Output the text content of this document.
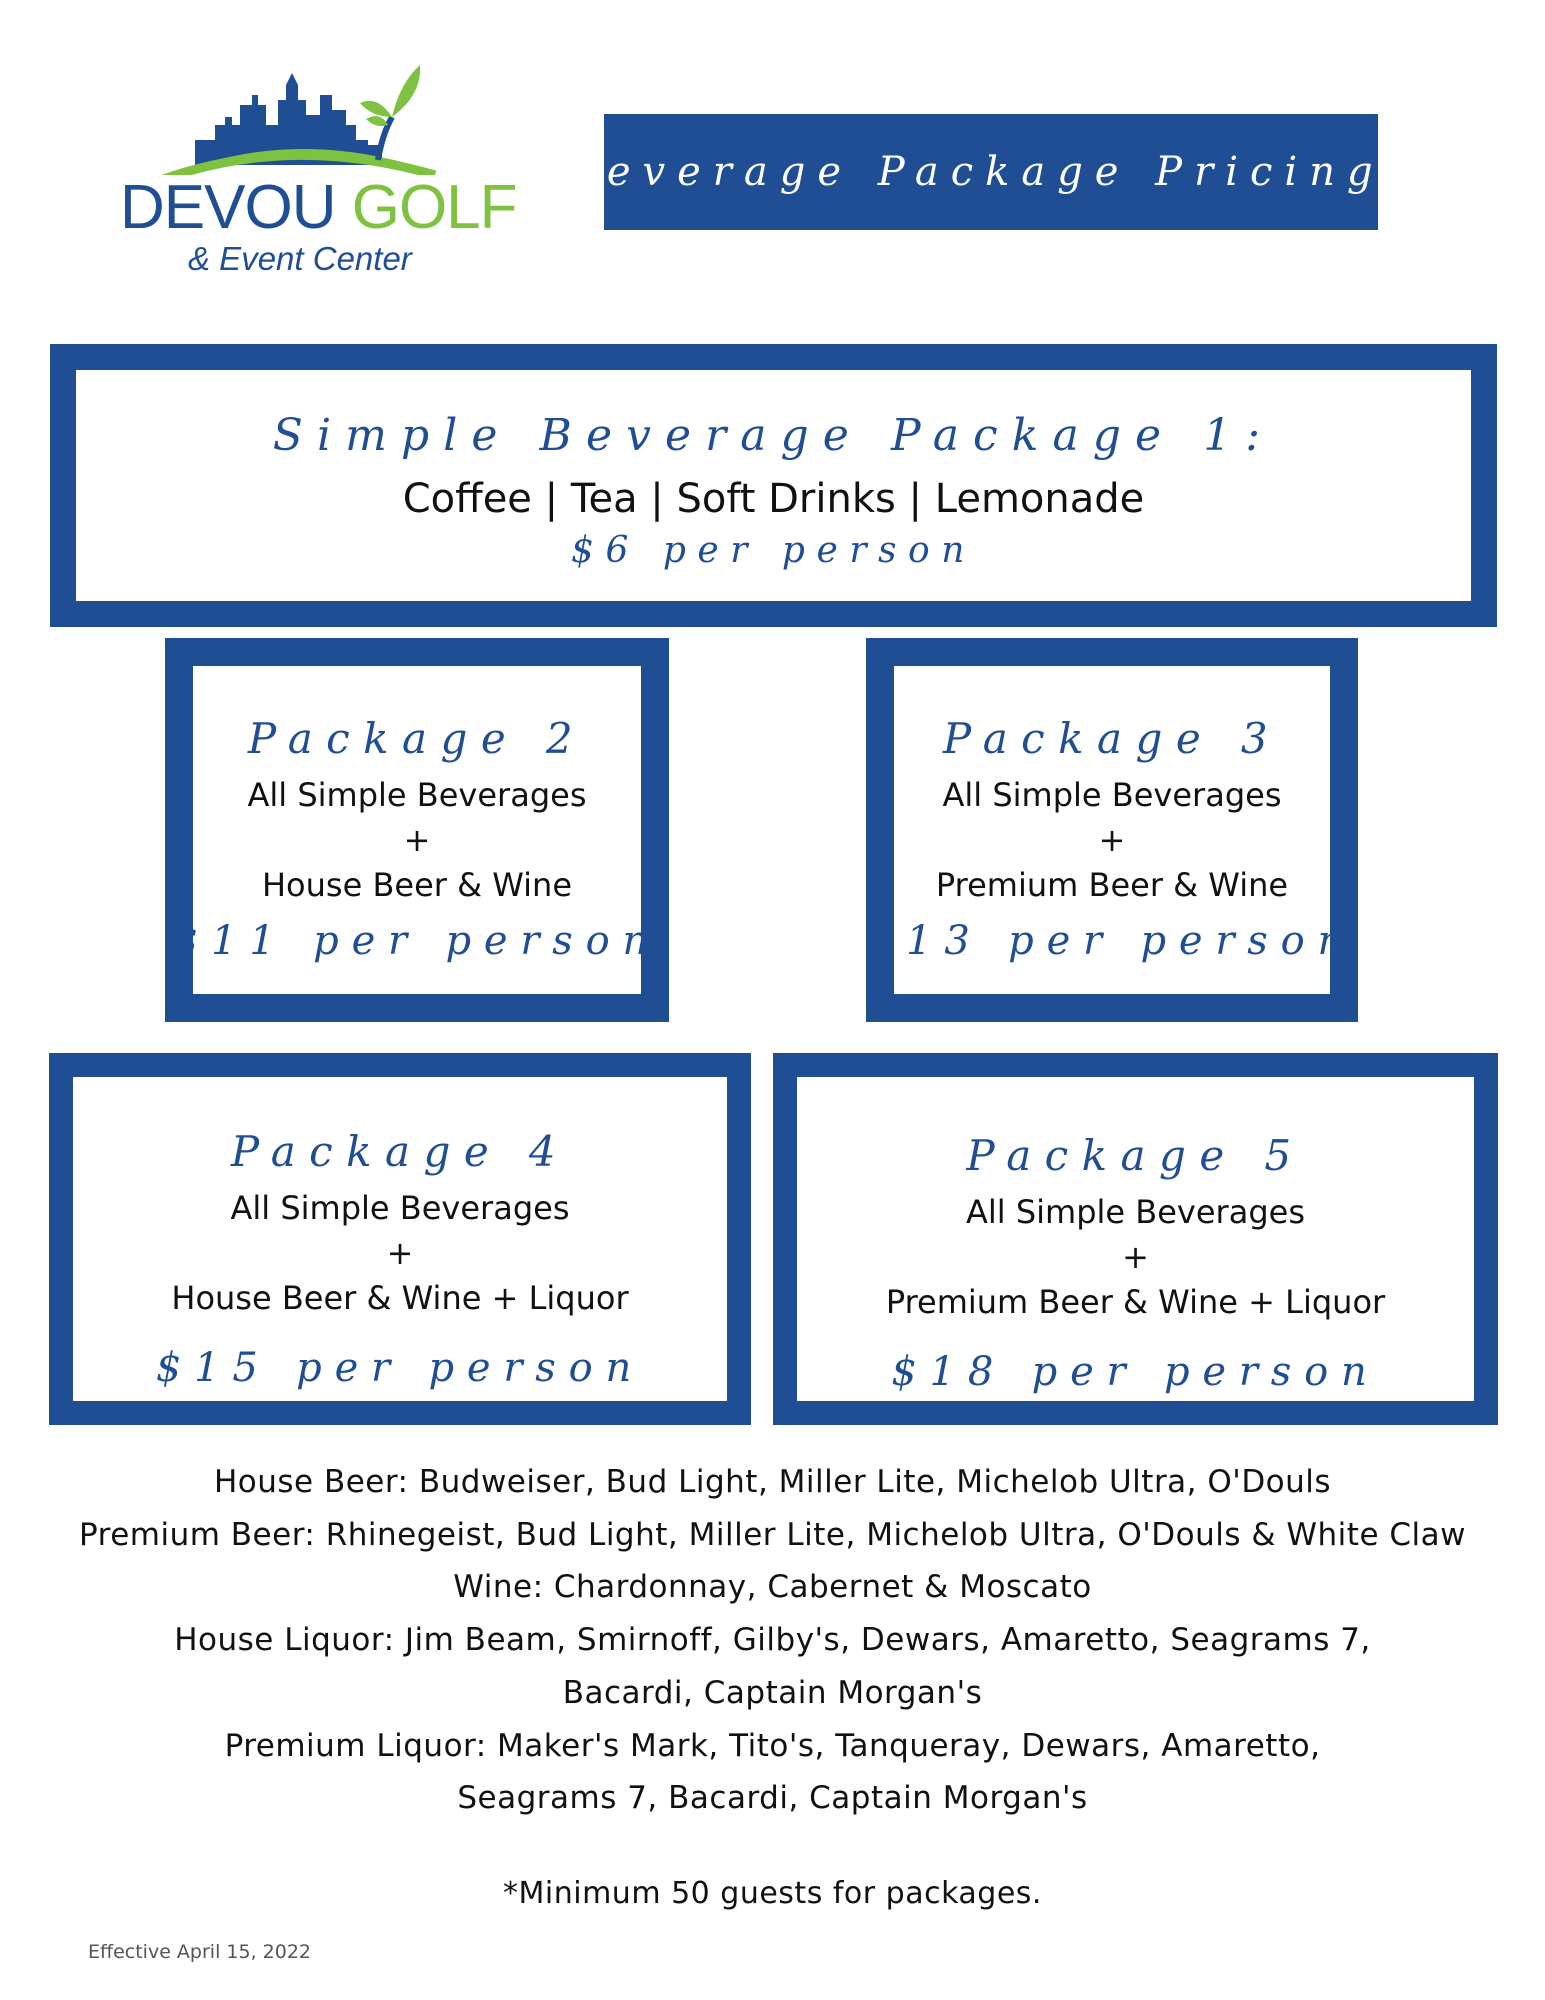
DEVOU GOLF
& Event Center
Beverage Package Pricing*
Simple Beverage Package 1:
Coffee | Tea | Soft Drinks | Lemonade
$6 per person
Package 2
All Simple Beverages
+
House Beer & Wine
$11 per person
Package 3
All Simple Beverages
+
Premium Beer & Wine
$13 per person
Package 4
All Simple Beverages
+
House Beer & Wine + Liquor
$15 per person
Package 5
All Simple Beverages
+
Premium Beer & Wine + Liquor
$18 per person
House Beer: Budweiser, Bud Light, Miller Lite, Michelob Ultra, O'Douls
Premium Beer: Rhinegeist, Bud Light, Miller Lite, Michelob Ultra, O'Douls & White Claw
Wine: Chardonnay, Cabernet & Moscato
House Liquor: Jim Beam, Smirnoff, Gilby's, Dewars, Amaretto, Seagrams 7,
Bacardi, Captain Morgan's
Premium Liquor: Maker's Mark, Tito's, Tanqueray, Dewars, Amaretto,
Seagrams 7, Bacardi, Captain Morgan's
*Minimum 50 guests for packages.
Effective April 15, 2022
